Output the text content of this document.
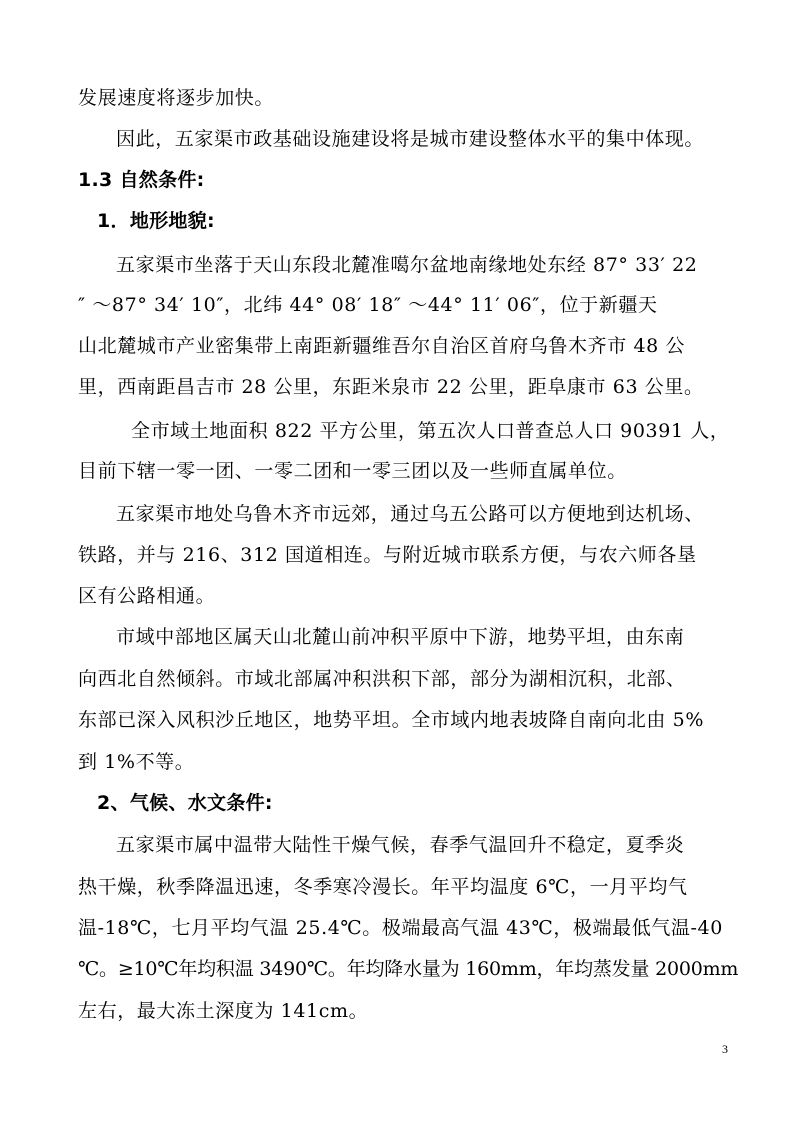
发展速度将逐步加快。

因此，五家渠市政基础设施建设将是城市建设整体水平的集中体现。

1.3 自然条件:

1．地形地貌:

五家渠市坐落于天山东段北麓准噶尔盆地南缘地处东经 87° 33′ 22

″ ～87° 34′ 10″，北纬 44° 08′ 18″ ～44° 11′ 06″，位于新疆天

山北麓城市产业密集带上南距新疆维吾尔自治区首府乌鲁木齐市 48 公

里，西南距昌吉市 28 公里，东距米泉市 22 公里，距阜康市 63 公里。

全市域土地面积 822 平方公里，第五次人口普查总人口 90391 人，

目前下辖一零一团、一零二团和一零三团以及一些师直属单位。

五家渠市地处乌鲁木齐市远郊，通过乌五公路可以方便地到达机场、

铁路，并与 216、312 国道相连。与附近城市联系方便，与农六师各垦

区有公路相通。

市域中部地区属天山北麓山前冲积平原中下游，地势平坦，由东南

向西北自然倾斜。市域北部属冲积洪积下部，部分为湖相沉积，北部、

东部已深入风积沙丘地区，地势平坦。全市域内地表坡降自南向北由 5%

到 1%不等。

2、气候、水文条件:

五家渠市属中温带大陆性干燥气候，春季气温回升不稳定，夏季炎

热干燥，秋季降温迅速，冬季寒冷漫长。年平均温度 6℃，一月平均气

温-18℃，七月平均气温 25.4℃。极端最高气温 43℃，极端最低气温-40

℃。≥10℃年均积温 3490℃。年均降水量为 160mm，年均蒸发量 2000mm

左右，最大冻土深度为 141cm。

3
